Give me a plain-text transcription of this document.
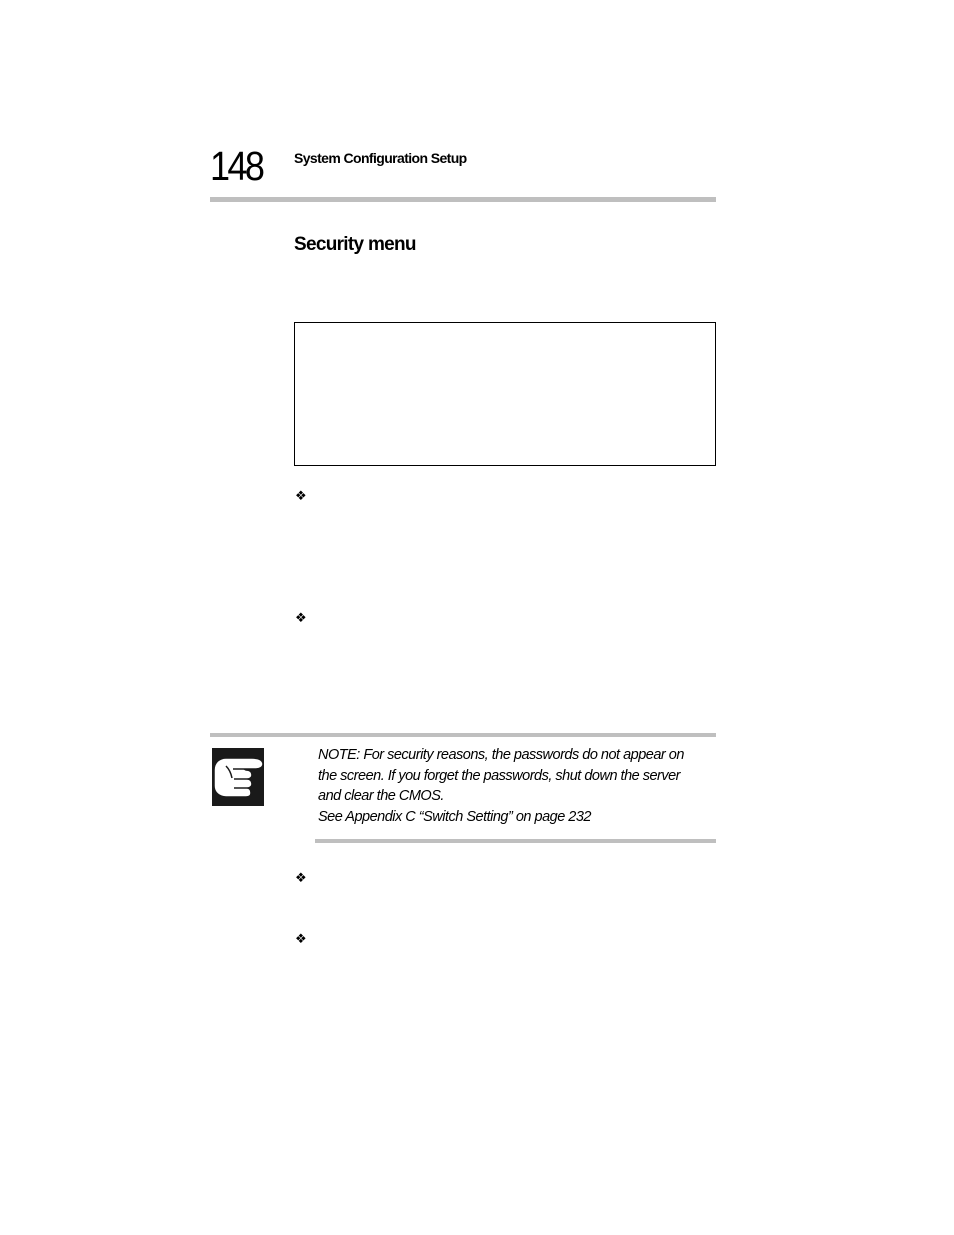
148 System Configuration Setup
Security menu
❖
❖

NOTE: For security reasons, the passwords do not appear on

the screen. If you forget the passwords, shut down the server

and clear the CMOS.

See Appendix C “Switch Setting” on page 232

❖
❖
